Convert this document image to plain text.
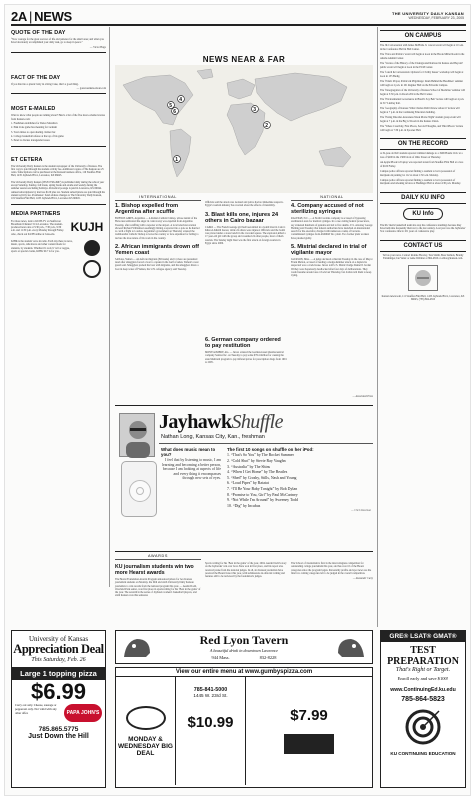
2A | NEWS	THE UNIVERSITY DAILY KANSAN
WEDNESDAY, FEBRUARY 23, 2005
QUOTE OF THE DAY
“Now courage for the great sorrows of life and patience for the small ones; and when you have laboriously accomplished your daily task, go to sleep in peace.”
— Victor Hugo
FACT OF THE DAY
If you bite into a plastic baby in a King Cake, that's a good thing.
— gonewestkans.about.com
MOST E-MAILED
Want to know what people are talking about? Here's a list of the five most e-mailed stories from Kansan.com:
1. Freshman establishes for Dance Marathon
2. Pink Zone game has meaning for Graham
3. Town mixes to open dueling clarinet bar
4. College basketball referee at the top of his game
5. Panel to discuss transgender issues
ET CETERA
The University Daily Kansan is the student newspaper of the University of Kansas. The first copy is paid through the student activity fee. Additional copies of The Kansan are 25 cents. Subscriptions can be purchased at the Kansan business office, 119 Stauffer-Flint Hall, 1435 Jayhawk Blvd., Lawrence, KS 66045.
The University Daily Kansan (ISSN 0746-4967) is published daily during the school year except Saturday, Sunday, fall break, spring break and exams and weekly during the summer session excluding holidays. Periodical postage is paid in Lawrence, KS 66044. Annual subscriptions by mail are $120 plus tax. Student subscriptions are paid through the student activity fee. Postmaster: Send address changes to The University Daily Kansan, 119 Stauffer-Flint Hall, 1435 Jayhawk Blvd., Lawrence KS 66045.
MEDIA PARTNERS
For more news, turn to KUJH-TV on Sunflower Broadband Channel 31 in Lawrence. The student-produced news airs at 5:30 p.m., 7:30 p.m., 9:30 a.m. and 11:30 p.m. every Monday through Friday. Also, check out KUJH online at tv.ku.edu.
KUJH
KJHK is the student voice in radio. Each day there is news, music, sports, talk shows and other content made for students, by students. Whether it's rock 'n' roll or reggae, sports or special events, KJHK 90.7 is for you.
NEWS NEAR & FAR
1
2
3
4
5
6
INTERNATIONAL
1. Bishop expelled from Argentina after scuffle
BUENOS AIRES, Argentina — A Roman Catholic bishop, whose denial of the Holocaust enlivened the anger in controversy was expelled from Argentina Tuesday, after scuffling with a reporter at the airport. A local television station showed Richard Williamson seemingly hitting a reporter into a pole as he hurried to catch a flight to London. Argentine's government on Thursday ordered the traditionalist Catholic bishop to leave the country or face expulsion for failing to declare the true nature of his work in the country.
2. African immigrants drown off Yemen coast
SANAA, Yemen — An African migrants (Eritreans) and 11 more are presumed dead after smugglers forced a boat to capsize in the Gulf of Aden. Yemen's coast guard said. Smugglers packed the boat with migrants, and the smugglers threw a boat in deep water off Yemen, the U.N. refugee agency said Tuesday.
Officials said the attack was isolated and police had no immediate suspects. Egypt's tourism industry has worried about the effects of instability.
3. Blast kills one, injures 24 others in Cairo bazaar
CAIRO — The French teenage girl had been killed in a bomb blast in Cairo's Khan el-Khalili bazaar, while 24 others were injured. Officials said the bomb was placed under a stone bench in the crowded square. The explosion killed a 17-year-old girl with the group and wounded 24 other people, most of them tourists. The Sunday night blast was the first attack on foreign tourists in Egypt since 2006.
NATIONAL
4. Company accused of not sterilizing syringes
RALEIGH, N.C. — A North Carolina company is accused of bypassing sterilization tests for medical syringes. In a case cutting federal prosecutors, say sickened hundreds of patients and led to five deaths. U.S. Attorney George Holding said Tuesday that federal authorities have launched an international search for the executive charged with numerous counts of bacteria-contaminated syringes from AM2PAT Inc. plant. Two former plant workers have pleaded guilty.
5. Mistrial declared in trial of vigilante mayor
JACKSON, Miss. — A judge declared a mistrial Tuesday in the case of Mayor Frank Melton, accused of leading a sledge-hammer attack on a duplex he suspected was a crack house. Jurors told U.S. District Judge Daniel P. Jordan III they were hopelessly deadlocked after four days of deliberations. They would resume around one o'clock last Thursday, but Jordan told them to keep trying.
6. German company ordered to pay restitution
MONTGOMERY, Ala. — Jurors ordered the German-based pharmaceutical company Sandoz Inc. on Tuesday to pay some $78.4 million for causing the state Medicaid program to pay inflated prices for prescription drugs from 1991 to 2005.
— Associated Press
JayhawkShuffle
Nathan Long, Kansas City, Kan., freshman
What does music mean to you?
I feel that by listening to music, I am learning and becoming a better person, because I am looking at aspects of life and every thing it encompasses through new sets of eyes.
The first 10 songs on shuffle on her iPod:
1. “That's So You” by The Rocket Summer
2. “Cold Shot” by Stevie Ray Vaughn
3. “Australia” by The Shins
4. “When I Get Home” by The Beatles
5. “Shed” by Crosby, Stills, Nash and Young
6. “Loud Pipes” by Ratatat
7. “I'll Be Your Baby Tonight” by Bob Dylan
8. “Promise to You, Girl” by Paul McCartney
9. “Not While I'm Around” by Sweeney Todd
10. “Dig” by Incubus
— Chris Kearnan
AWARDS
KU journalism students win two more Hearst awards
The Hearst Foundation Awards Program announced prizes for two Kansas journalism students on Monday. the fifth and sixth University Daily Kansan journalists to win awards from the national program this year. — Austin Dodd, Overland Park senior, won first place in sportswriting for his ‘Best in the game’ of the year. The seventh in the series of Jayhawk women's basketball players, and sixth Kansan won this semester.
Sports writing for his ‘Best in the game’ of the year, 2004. Austin Dodd's story on the Jayhawks' win over Iowa State won in first place, and his report also received praise from the national judges. In all, six Kansan journalists have received the Hearst honor this year, with submissions in editorial writing and features still to be reviewed by the foundation's judges.
The School of Journalism is first in the intercollegiate competition for outstanding college journalism this year, and has won 10 of the Hearst categories since the program began. Personality profile and spot news are the final two writing categories left to be judged in the overall competition.
— Alexander Carty
ON CAMPUS
The JK Conversation with James McBride Jr. concert event will begin at 10 a.m. in the Conference Hall in Hall Center.
The ‘Price and Politics’ event will begin at noon in the Brook Miller Room in the Adams Alumni Center.
The ‘Stories of the History of the Underground Railroad in Kansas and Beyond’ public event will begin at noon in the ECM Center.
The ‘Lunch & Conversation: Options for Civility Issues’ workshop will begin at noon in 135 Budig.
The ‘Prism: Prayer, Politics & Pilgrimage: Islam Behind the Headlines’ seminar will begin at 2 p.m. in 101 Regnier Hall on the Edwards Campus.
The ‘Desegregation of the University of Kansas School of Medicine’ seminar will begin at 3:30 p.m. in Room 202 in the Hall Center.
The ‘Environmental Governance in Brazil's Soy Belt’ lecture will begin at 4 p.m. in 317 Lindley hall.
The ‘Geography of Kansas: What Charles Didn't Know About it’ lecture will begin at 7 p.m. in the Continuing Education building.
The ‘Eating Disorder Awareness Week Movie Night’ student group event will begin at 7 p.m. in the Big 12 Room in the Kansas Union.
The ‘Where Creativity, First Places, Second Thoughts, and Third Places’ lecture will begin at 7:30 p.m. in Spooner Hall.
ON THE RECORD
A 19-year-old KU student reported criminal damage to a 1999 Honda Civic at a loss of $200 in the 1300 block of Ohio Street on Thursday.
An Apple iBook G3 laptop was reported stolen from Stauffer-Flint Hall at a loss of $100 Friday.
Campus police officers reported finding a resident to be in possession of marijuana in parking lot 112 at about 1:30 a.m. Monday.
Campus police officers reported finding a resident to be in possession of marijuana and smoking devices at Hashinger Hall at about 4:30 p.m. Monday.
DAILY KU INFO
KU Info
The KU men's basketball team sits atop the conference standings because they have held nine frequently their not to the last century. Last year was the Jayhawks' 51st conference title in 101 years of conference play.
CONTACT US
Tell us your news. Contact Ronnie Howley, Tara Smith, Bess Sumick, Brandy Entzminger, Ian Vetter or Anne Weltmer at 864-4810 or editor@kansan.com.
Kansan newsroom, 111 Stauffer-Flint Hall, 1435 Jayhawk Blvd., Lawrence, KS 66045, (785) 864-4810
University of Kansas
Appreciation Deal
This Saturday, Feb. 26
Large 1 topping pizza
$6.99
Carry out only. Cheese, sausage or pepperoni only. Not valid with any other offer.	PAPA JOHN'S
785.865.5775
Just Down the Hill
Red Lyon Tavern
A beautiful drink in downtown Lawrence
944 Mass.	832-8228
View our entire menu at www.gumbyspizza.com
MONDAY & WEDNESDAY BIG DEAL
785-841-5000
1445 W. 23rd St.
$10.99	$7.99
GRE® LSAT® GMAT®
TEST PREPARATION
That's Right or Target.
Enroll early and save $100!
www.ContinuingEd.ku.edu
785-864-5823
KU CONTINUING EDUCATION
